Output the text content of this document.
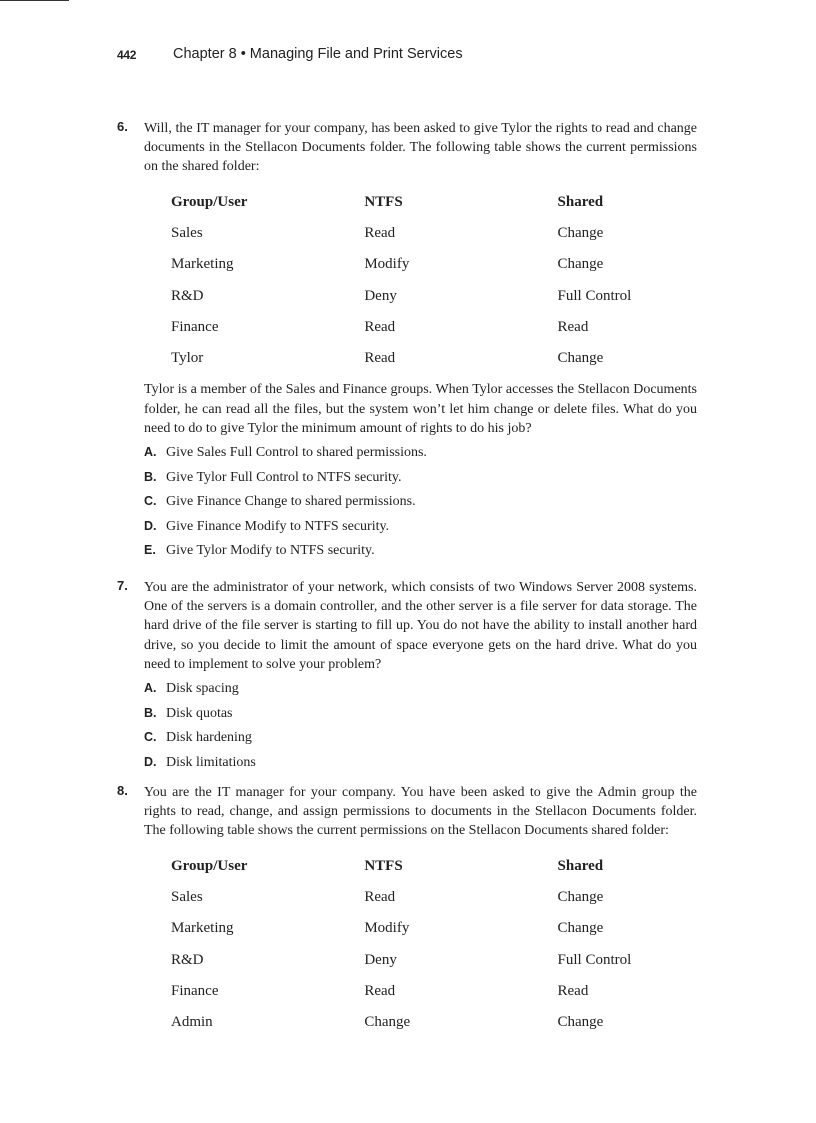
442	Chapter 8 • Managing File and Print Services
6. Will, the IT manager for your company, has been asked to give Tylor the rights to read and change documents in the Stellacon Documents folder. The following table shows the current permissions on the shared folder:

Group/User	NTFS	Shared
Sales	Read	Change
Marketing	Modify	Change
R&D	Deny	Full Control
Finance	Read	Read
Tylor	Read	Change

Tylor is a member of the Sales and Finance groups. When Tylor accesses the Stellacon Documents folder, he can read all the files, but the system won’t let him change or delete files. What do you need to do to give Tylor the minimum amount of rights to do his job?

A. Give Sales Full Control to shared permissions.
B. Give Tylor Full Control to NTFS security.
C. Give Finance Change to shared permissions.
D. Give Finance Modify to NTFS security.
E. Give Tylor Modify to NTFS security.
7. You are the administrator of your network, which consists of two Windows Server 2008 systems. One of the servers is a domain controller, and the other server is a file server for data storage. The hard drive of the file server is starting to fill up. You do not have the ability to install another hard drive, so you decide to limit the amount of space everyone gets on the hard drive. What do you need to implement to solve your problem?

A. Disk spacing
B. Disk quotas
C. Disk hardening
D. Disk limitations
8. You are the IT manager for your company. You have been asked to give the Admin group the rights to read, change, and assign permissions to documents in the Stellacon Documents folder. The following table shows the current permissions on the Stellacon Documents shared folder:

Group/User	NTFS	Shared
Sales	Read	Change
Marketing	Modify	Change
R&D	Deny	Full Control
Finance	Read	Read
Admin	Change	Change
